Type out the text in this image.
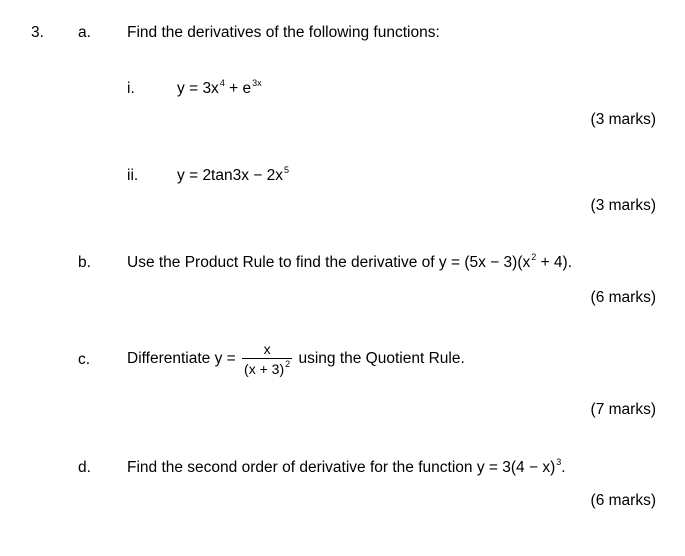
3. a. Find the derivatives of the following functions:
i.	$y = 3x^4 + e^{3x}$
(3 marks)
ii.	$y = 2\tan 3x - 2x^5$
(3 marks)
b. Use the Product Rule to find the derivative of $y = (5x - 3)(x^2 + 4)$.
(6 marks)
c. Differentiate $y = \frac{x}{(x + 3)^2}$ using the Quotient Rule.
(7 marks)
d. Find the second order of derivative for the function $y = 3(4 - x)^3$.
(6 marks)
